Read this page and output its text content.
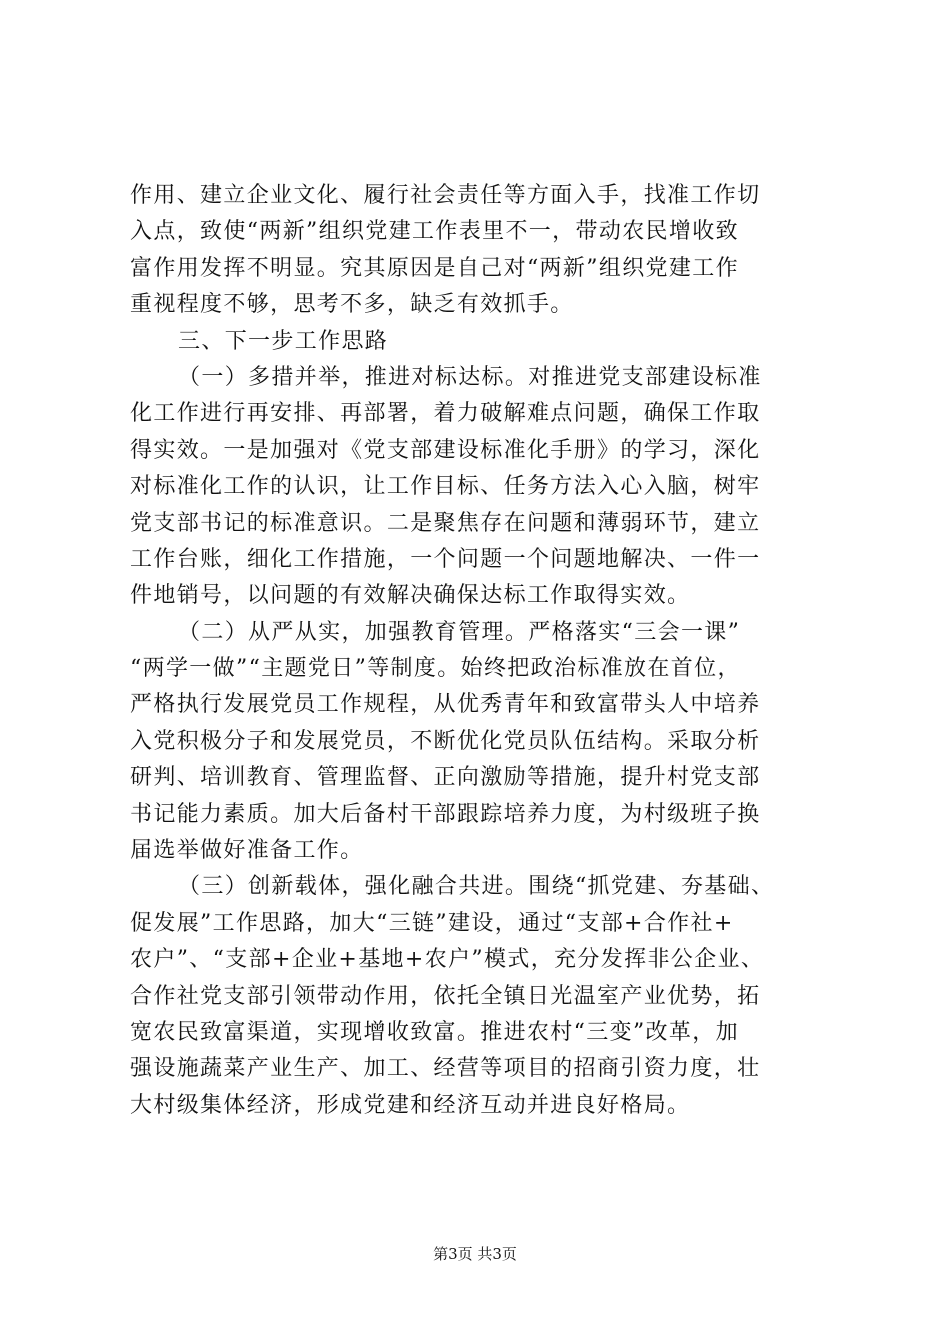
作用、建立企业文化、履行社会责任等方面入手，找准工作切
入点，致使“两新”组织党建工作表里不一，带动农民增收致
富作用发挥不明显。究其原因是自己对“两新”组织党建工作
重视程度不够，思考不多，缺乏有效抓手。
三、下一步工作思路
（一）多措并举，推进对标达标。对推进党支部建设标准
化工作进行再安排、再部署，着力破解难点问题，确保工作取
得实效。一是加强对《党支部建设标准化手册》的学习，深化
对标准化工作的认识，让工作目标、任务方法入心入脑，树牢
党支部书记的标准意识。二是聚焦存在问题和薄弱环节，建立
工作台账，细化工作措施，一个问题一个问题地解决、一件一
件地销号，以问题的有效解决确保达标工作取得实效。
（二）从严从实，加强教育管理。严格落实“三会一课”
“两学一做”“主题党日”等制度。始终把政治标准放在首位，
严格执行发展党员工作规程，从优秀青年和致富带头人中培养
入党积极分子和发展党员，不断优化党员队伍结构。采取分析
研判、培训教育、管理监督、正向激励等措施，提升村党支部
书记能力素质。加大后备村干部跟踪培养力度，为村级班子换
届选举做好准备工作。
（三）创新载体，强化融合共进。围绕“抓党建、夯基础、
促发展”工作思路，加大“三链”建设，通过“支部+合作社+
农户”、“支部+企业+基地+农户”模式，充分发挥非公企业、
合作社党支部引领带动作用，依托全镇日光温室产业优势，拓
宽农民致富渠道，实现增收致富。推进农村“三变”改革，加
强设施蔬菜产业生产、加工、经营等项目的招商引资力度，壮
大村级集体经济，形成党建和经济互动并进良好格局。
第3页 共3页
